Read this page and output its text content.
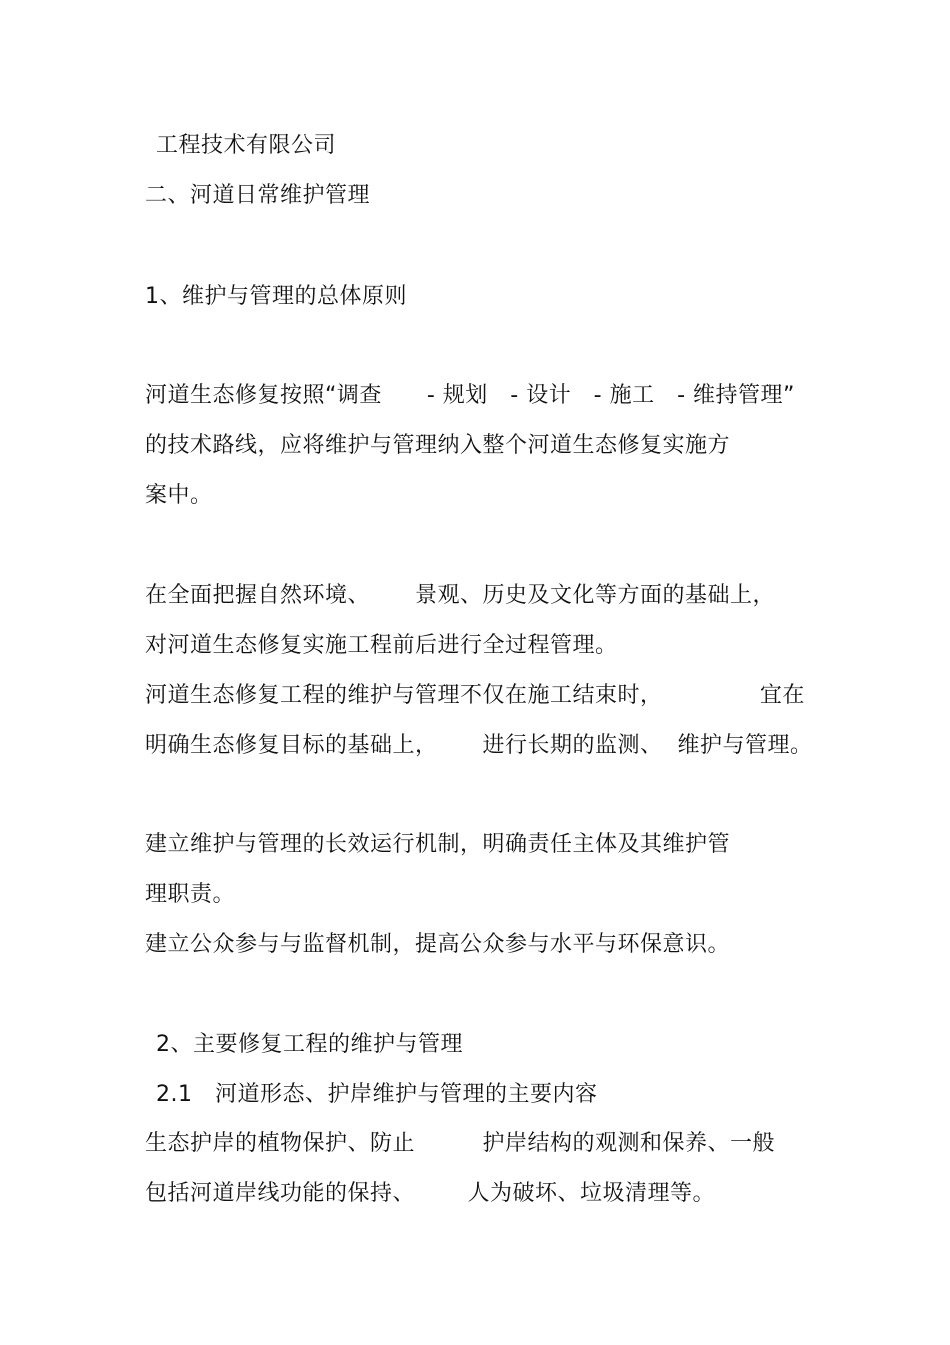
工程技术有限公司
二、河道日常维护管理
1、维护与管理的总体原则
河道生态修复按照“调查      - 规划   - 设计   - 施工   - 维持管理”
的技术路线，应将维护与管理纳入整个河道生态修复实施方
案中。
在全面把握自然环境、      景观、历史及文化等方面的基础上，
对河道生态修复实施工程前后进行全过程管理。
河道生态修复工程的维护与管理不仅在施工结束时，             宜在
明确生态修复目标的基础上，      进行长期的监测、  维护与管理。
建立维护与管理的长效运行机制，明确责任主体及其维护管
理职责。
建立公众参与与监督机制，提高公众参与水平与环保意识。
2、主要修复工程的维护与管理
2.1   河道形态、护岸维护与管理的主要内容
生态护岸的植物保护、防止         护岸结构的观测和保养、一般
包括河道岸线功能的保持、       人为破坏、垃圾清理等。
